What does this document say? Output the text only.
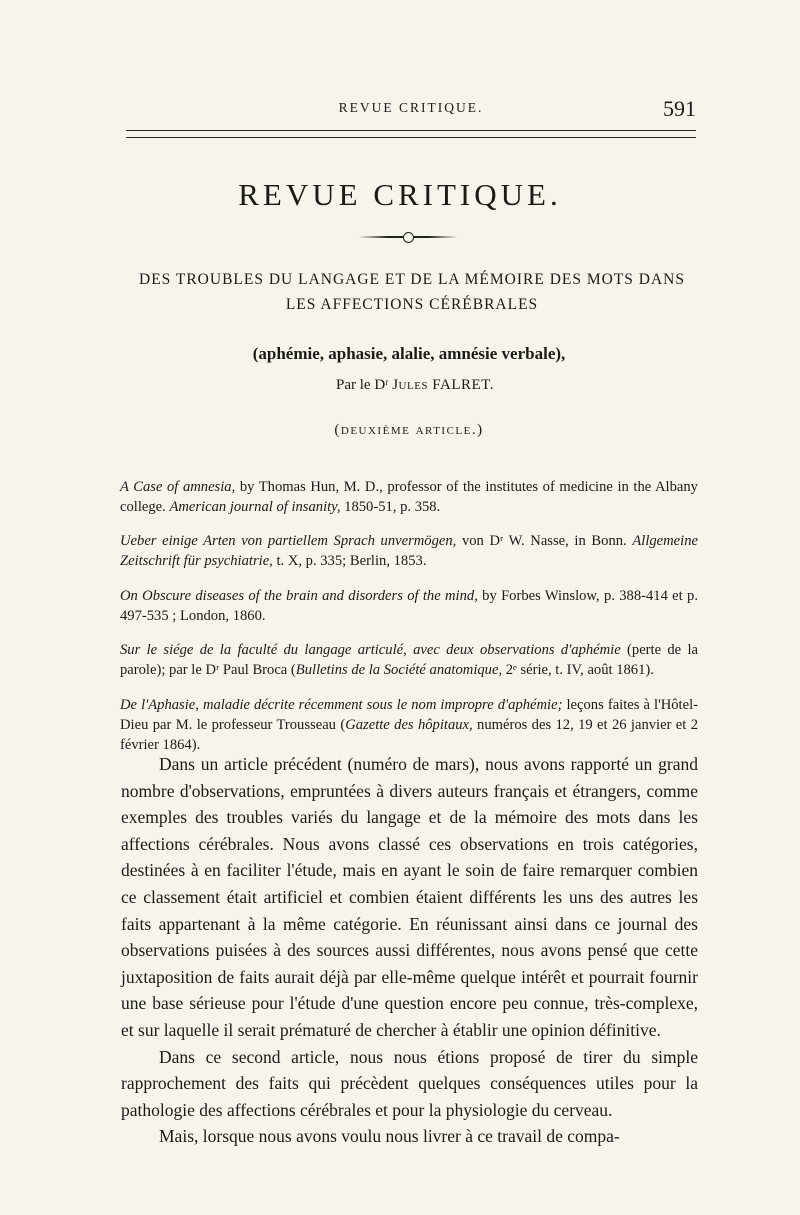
REVUE CRITIQUE.	591
REVUE CRITIQUE.
DES TROUBLES DU LANGAGE ET DE LA MÉMOIRE DES MOTS DANS LES AFFECTIONS CÉRÉBRALES
(aphémie, aphasie, alalie, amnésie verbale),
Par le Dʳ Jules FALRET.
(deuxième article.)

A Case of amnesia, by Thomas Hun, M. D., professor of the institutes of medicine in the Albany college. American journal of insanity, 1850-51, p. 358.

Ueber einige Arten von partiellem Sprach unvermögen, von Dʳ W. Nasse, in Bonn. Allgemeine Zeitschrift für psychiatrie, t. X, p. 335; Berlin, 1853.

On Obscure diseases of the brain and disorders of the mind, by Forbes Winslow, p. 388-414 et p. 497-535 ; London, 1860.

Sur le siége de la faculté du langage articulé, avec deux observations d'aphémie (perte de la parole); par le Dʳ Paul Broca (Bulletins de la Société anatomique, 2ᵉ série, t. IV, août 1861).

De l'Aphasie, maladie décrite récemment sous le nom impropre d'aphémie; leçons faites à l'Hôtel-Dieu par M. le professeur Trousseau (Gazette des hôpitaux, numéros des 12, 19 et 26 janvier et 2 février 1864).

Dans un article précédent (numéro de mars), nous avons rapporté un grand nombre d'observations, empruntées à divers auteurs français et étrangers, comme exemples des troubles variés du langage et de la mémoire des mots dans les affections cérébrales. Nous avons classé ces observations en trois catégories, destinées à en faciliter l'étude, mais en ayant le soin de faire remarquer combien ce classement était artificiel et combien étaient différents les uns des autres les faits appartenant à la même catégorie. En réunissant ainsi dans ce journal des observations puisées à des sources aussi différentes, nous avons pensé que cette juxtaposition de faits aurait déjà par elle-même quelque intérêt et pourrait fournir une base sérieuse pour l'étude d'une question encore peu connue, très-complexe, et sur laquelle il serait prématuré de chercher à établir une opinion définitive.

Dans ce second article, nous nous étions proposé de tirer du simple rapprochement des faits qui précèdent quelques conséquences utiles pour la pathologie des affections cérébrales et pour la physiologie du cerveau.

Mais, lorsque nous avons voulu nous livrer à ce travail de compa-
